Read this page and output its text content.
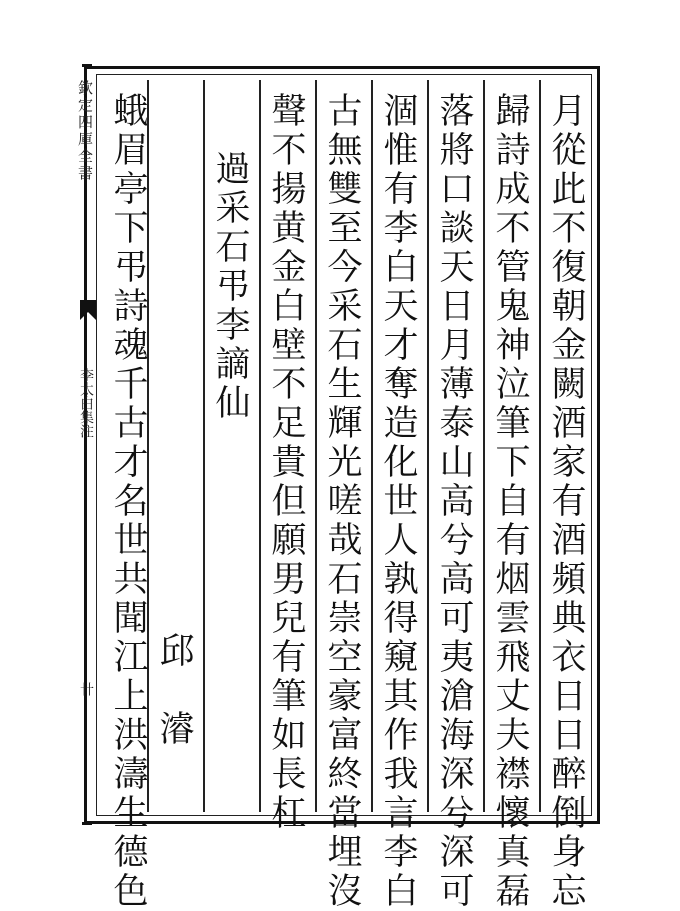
欽定四庫全書
李太白集注
卄	月從此不復朝金闕酒家有酒頻典衣日日醉倒身忘
歸詩成不管鬼神泣筆下自有烟雲飛丈夫襟懷真磊
落將口談天日月薄泰山高兮高可夷滄海深兮深可
涸惟有李白天才奪造化世人孰得窺其作我言李白
古無雙至今采石生輝光嗟哉石崇空豪富終當埋沒
聲不揚黄金白壁不足貴但願男兒有筆如長杠
過采石弔李謫仙
邱　濬
蛾眉亭下弔詩魂千古才名世共聞江上洪濤生德色
